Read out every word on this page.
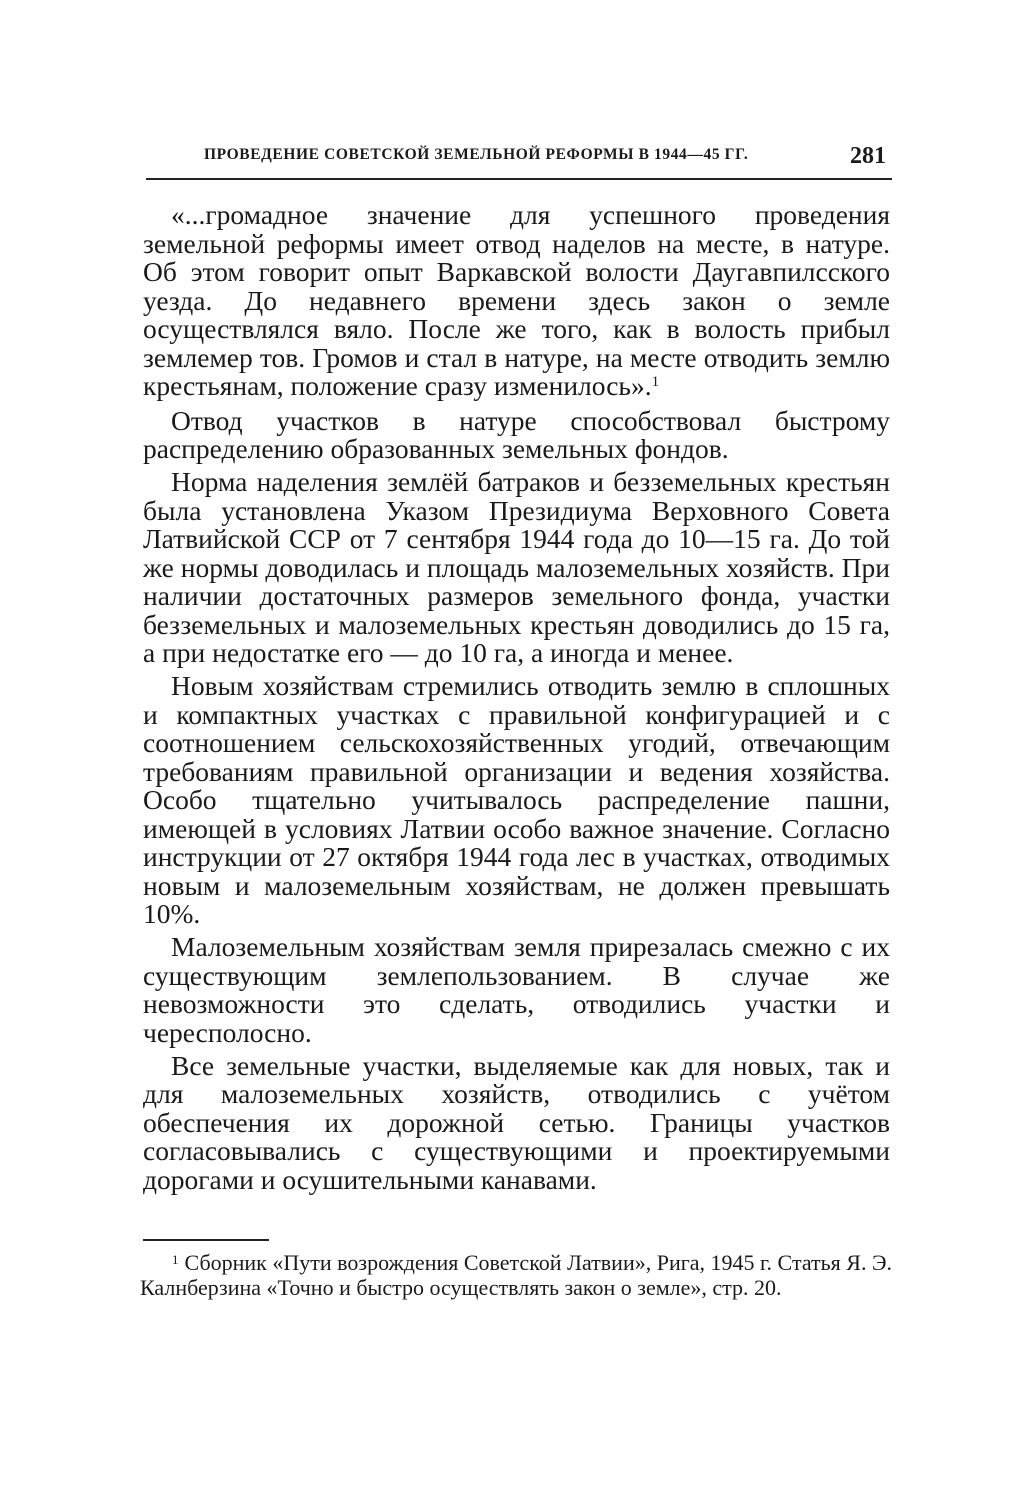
ПРОВЕДЕНИЕ СОВЕТСКОЙ ЗЕМЕЛЬНОЙ РЕФОРМЫ В 1944—45 ГГ.	281

«...громадное значение для успешного проведения земельной реформы имеет отвод наделов на месте, в натуре. Об этом говорит опыт Варкавской волости Даугавпилсского уезда. До недавнего времени здесь закон о земле осуществлялся вяло. После же того, как в волость прибыл землемер тов. Громов и стал в натуре, на месте отводить землю крестьянам, положение сразу изменилось».$^1$

Отвод участков в натуре способствовал быстрому распределению образованных земельных фондов.

Норма наделения землёй батраков и безземельных крестьян была установлена Указом Президиума Верховного Совета Латвийской ССР от 7 сентября 1944 года до 10—15 га. До той же нормы доводилась и площадь малоземельных хозяйств. При наличии достаточных размеров земельного фонда, участки безземельных и малоземельных крестьян доводились до 15 га, а при недостатке его — до 10 га, а иногда и менее.

Новым хозяйствам стремились отводить землю в сплошных и компактных участках с правильной конфигурацией и с соотношением сельскохозяйственных угодий, отвечающим требованиям правильной организации и ведения хозяйства. Особо тщательно учитывалось распределение пашни, имеющей в условиях Латвии особо важное значение. Согласно инструкции от 27 октября 1944 года лес в участках, отводимых новым и малоземельным хозяйствам, не должен превышать 10%.

Малоземельным хозяйствам земля прирезалась смежно с их существующим землепользованием. В случае же невозможности это сделать, отводились участки и чересполосно.

Все земельные участки, выделяемые как для новых, так и для малоземельных хозяйств, отводились с учётом обеспечения их дорожной сетью. Границы участков согласовывались с существующими и проектируемыми дорогами и осушительными канавами.

$^1$ Сборник «Пути возрождения Советской Латвии», Рига, 1945 г. Статья Я. Э. Калнберзина «Точно и быстро осуществлять закон о земле», стр. 20.
